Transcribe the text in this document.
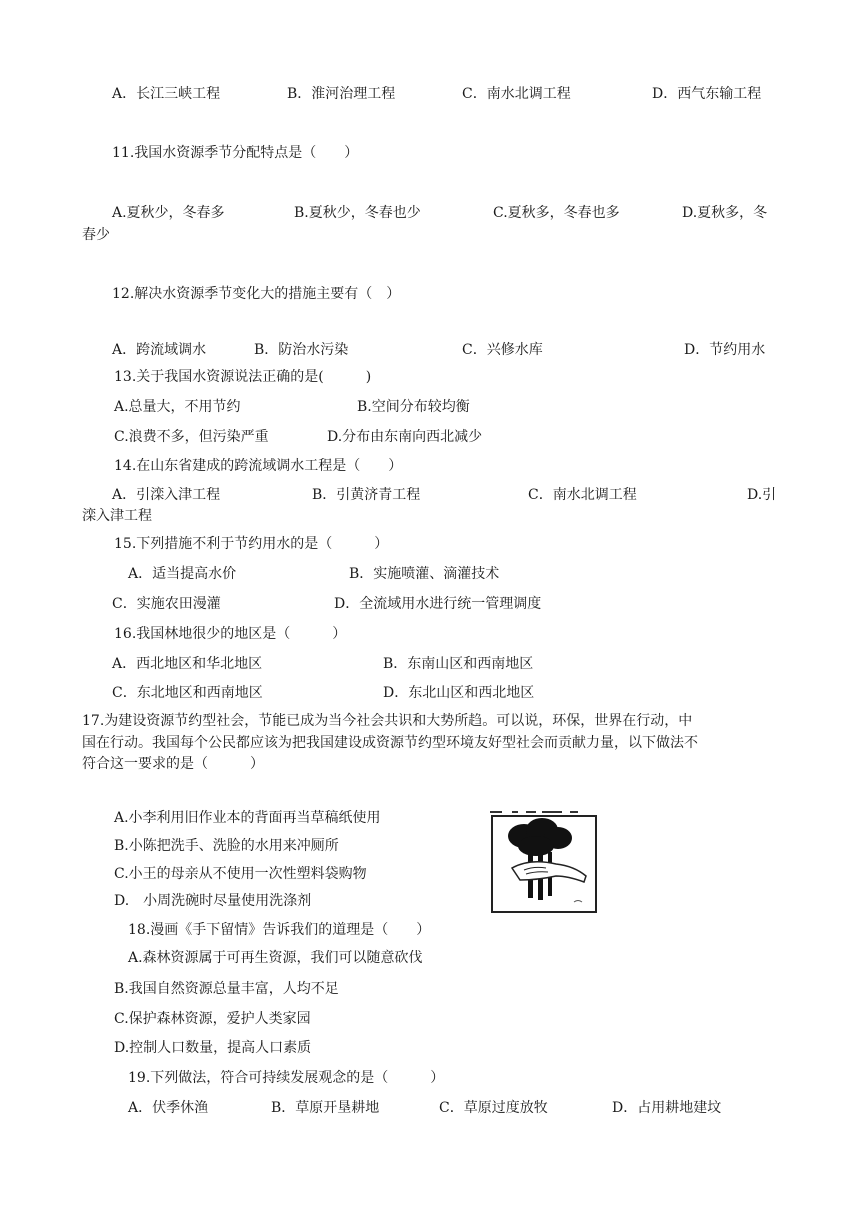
A．长江三峡工程	B．淮河治理工程	C．南水北调工程	D．西气东输工程
11.我国水资源季节分配特点是（　　）
A.夏秋少，冬春多	B.夏秋少，冬春也少	C.夏秋多，冬春也多	D.夏秋多，冬
春少
12.解决水资源季节变化大的措施主要有（　）
A．跨流域调水	B．防治水污染	C．兴修水库	D．节约用水
13.关于我国水资源说法正确的是(　　　)
A.总量大，不用节约	B.空间分布较均衡
C.浪费不多，但污染严重	D.分布由东南向西北减少
14.在山东省建成的跨流域调水工程是（　　）
A．引滦入津工程	B．引黄济青工程	C．南水北调工程	D.引
滦入津工程
15.下列措施不利于节约用水的是（　　　）
A．适当提高水价	B．实施喷灌、滴灌技术
C．实施农田漫灌	D．全流域用水进行统一管理调度
16.我国林地很少的地区是（　　　）
A．西北地区和华北地区	B．东南山区和西南地区
C．东北地区和西南地区	D．东北山区和西北地区
17.为建设资源节约型社会，节能已成为当今社会共识和大势所趋。可以说，环保，世界在行动，中
国在行动。我国每个公民都应该为把我国建设成资源节约型环境友好型社会而贡献力量，以下做法不
符合这一要求的是（　　　）
A.小李利用旧作业本的背面再当草稿纸使用
B.小陈把洗手、洗脸的水用来冲厕所
C.小王的母亲从不使用一次性塑料袋购物
D.　小周洗碗时尽量使用洗涤剂
18.漫画《手下留情》告诉我们的道理是（　　）
A.森林资源属于可再生资源，我们可以随意砍伐
B.我国自然资源总量丰富，人均不足
C.保护森林资源，爱护人类家园
D.控制人口数量，提高人口素质
19.下列做法，符合可持续发展观念的是（　　　）
A．伏季休渔	B．草原开垦耕地	C．草原过度放牧	D．占用耕地建坟
